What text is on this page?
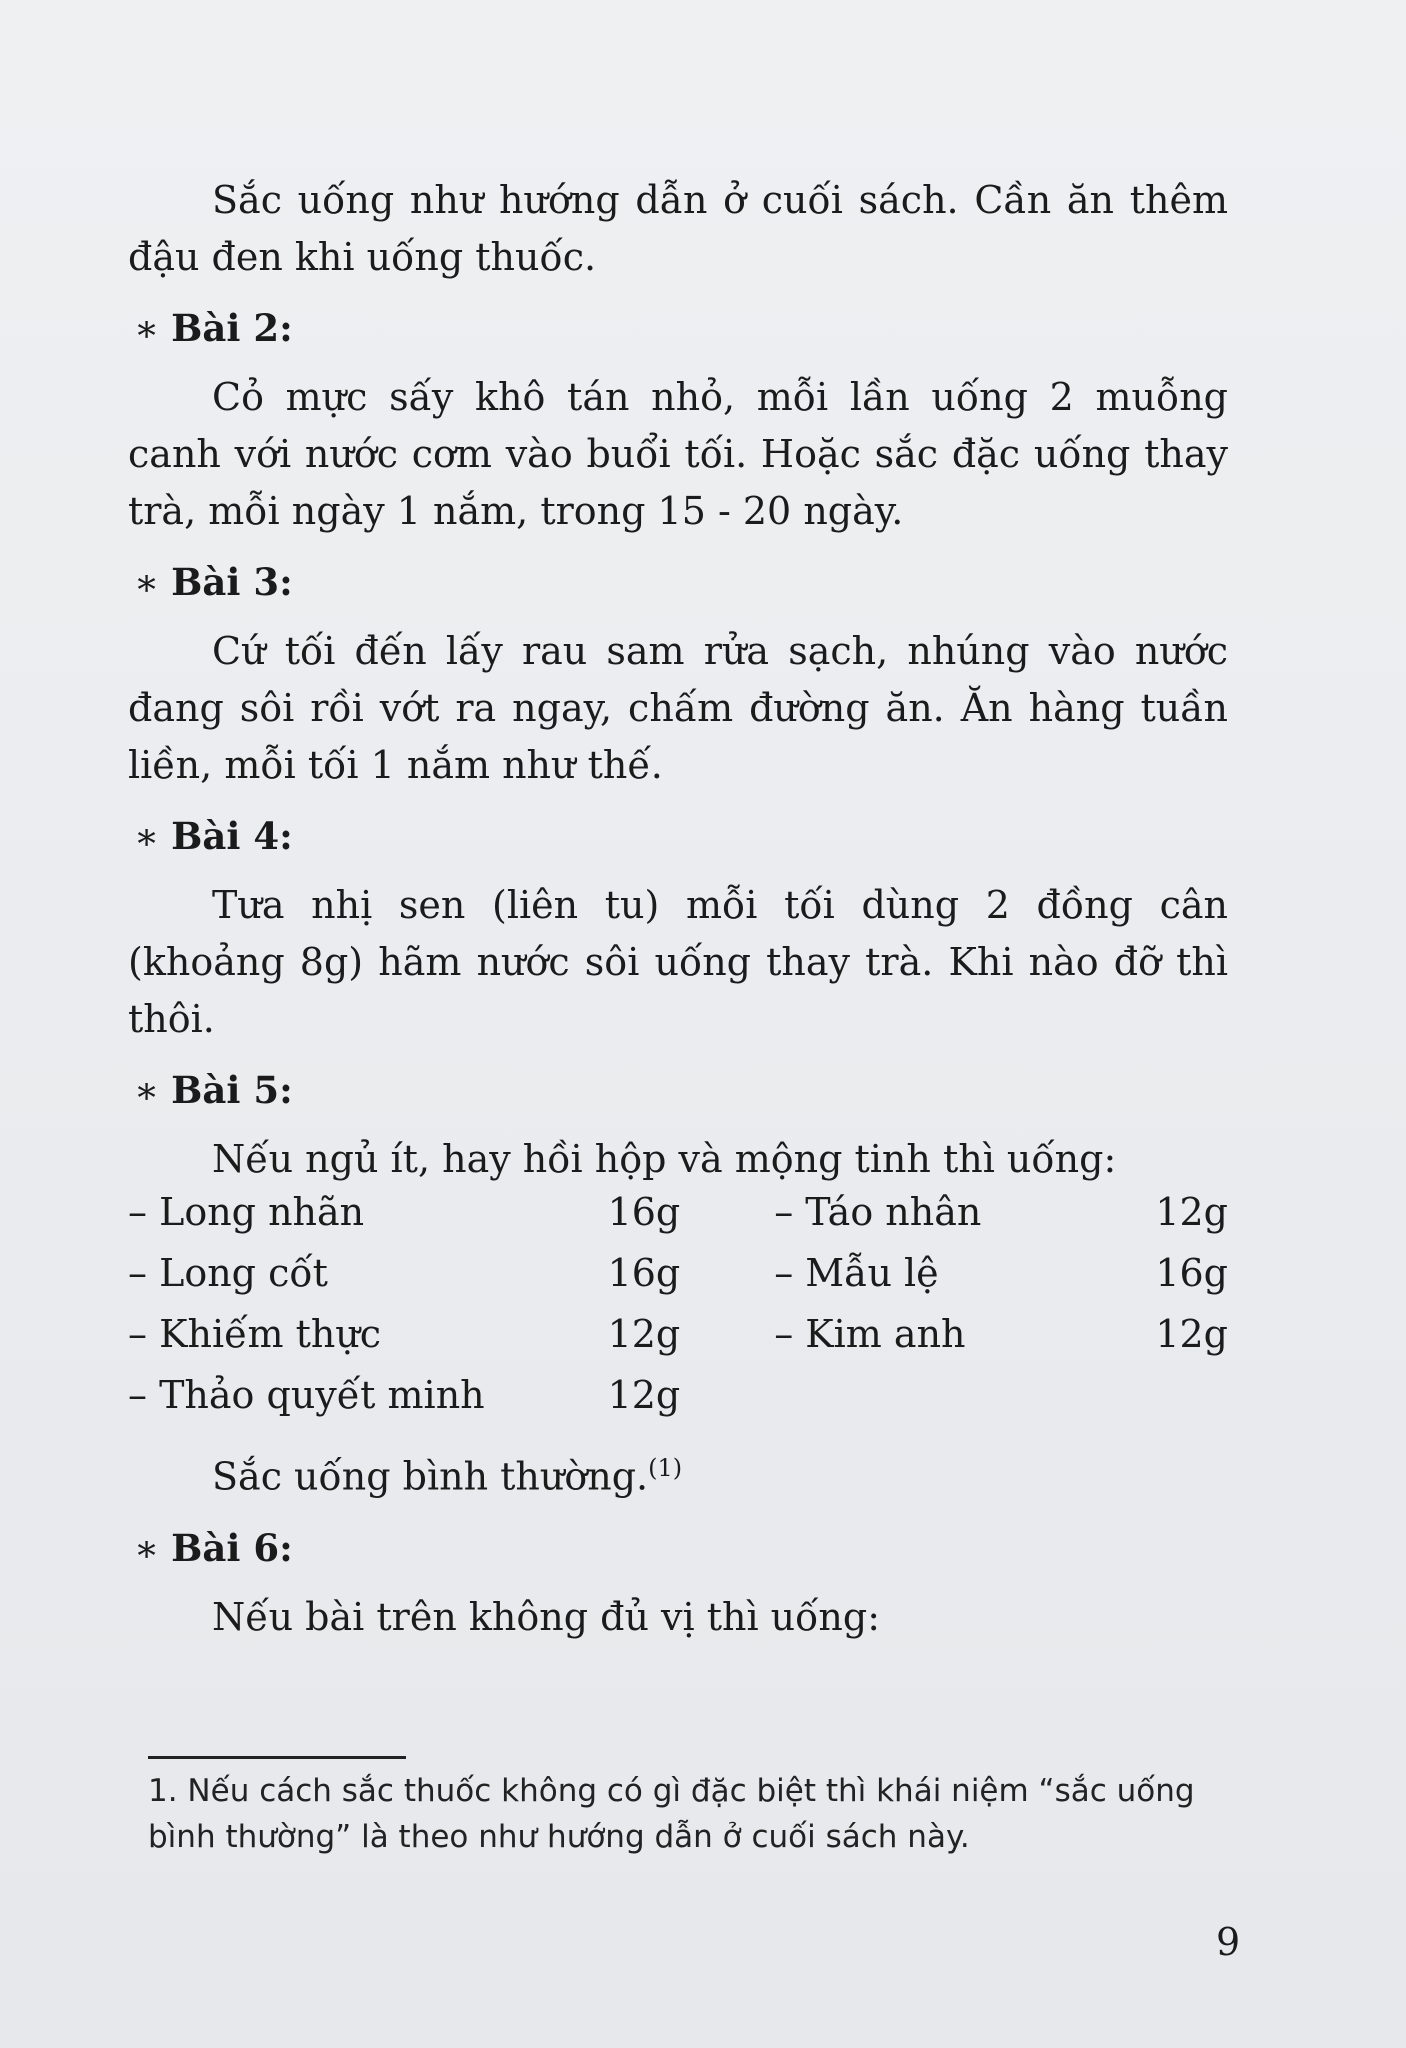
Sắc uống như hướng dẫn ở cuối sách. Cần ăn thêm đậu đen khi uống thuốc.

∗ Bài 2:

Cỏ mực sấy khô tán nhỏ, mỗi lần uống 2 muỗng canh với nước cơm vào buổi tối. Hoặc sắc đặc uống thay trà, mỗi ngày 1 nắm, trong 15 - 20 ngày.

∗ Bài 3:

Cứ tối đến lấy rau sam rửa sạch, nhúng vào nước đang sôi rồi vớt ra ngay, chấm đường ăn. Ăn hàng tuần liền, mỗi tối 1 nắm như thế.

∗ Bài 4:

Tưa nhị sen (liên tu) mỗi tối dùng 2 đồng cân (khoảng 8g) hãm nước sôi uống thay trà. Khi nào đỡ thì thôi.

∗ Bài 5:

Nếu ngủ ít, hay hồi hộp và mộng tinh thì uống:

– Long nhãn	16g		– Táo nhân	12g
– Long cốt	16g		– Mẫu lệ	16g
– Khiếm thực	12g		– Kim anh	12g
– Thảo quyết minh	12g			

Sắc uống bình thường.$^{(1)}$

∗ Bài 6:

Nếu bài trên không đủ vị thì uống:

1. Nếu cách sắc thuốc không có gì đặc biệt thì khái niệm “sắc uống bình thường” là theo như hướng dẫn ở cuối sách này.
9
